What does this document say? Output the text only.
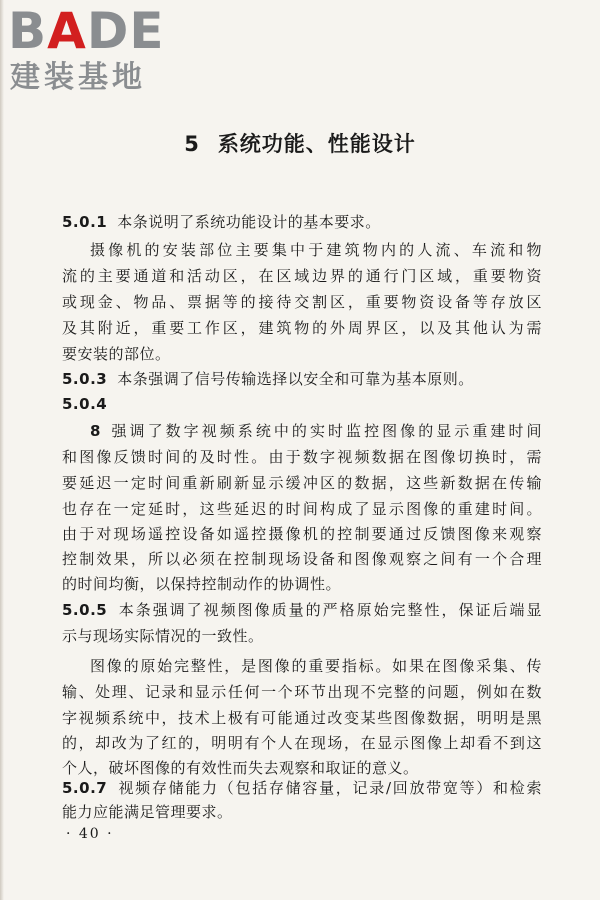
BADE
建装基地
5 系统功能、性能设计
5.0.1 本条说明了系统功能设计的基本要求。
摄像机的安装部位主要集中于建筑物内的人流、车流和物
流的主要通道和活动区，在区域边界的通行门区域，重要物资
或现金、物品、票据等的接待交割区，重要物资设备等存放区
及其附近，重要工作区，建筑物的外周界区，以及其他认为需
要安装的部位。
5.0.3 本条强调了信号传输选择以安全和可靠为基本原则。
5.0.4
8 强调了数字视频系统中的实时监控图像的显示重建时间
和图像反馈时间的及时性。由于数字视频数据在图像切换时，需
要延迟一定时间重新刷新显示缓冲区的数据，这些新数据在传输
也存在一定延时，这些延迟的时间构成了显示图像的重建时间。
由于对现场遥控设备如遥控摄像机的控制要通过反馈图像来观察
控制效果，所以必须在控制现场设备和图像观察之间有一个合理
的时间均衡，以保持控制动作的协调性。
5.0.5 本条强调了视频图像质量的严格原始完整性，保证后端显
示与现场实际情况的一致性。
图像的原始完整性，是图像的重要指标。如果在图像采集、传
输、处理、记录和显示任何一个环节出现不完整的问题，例如在数
字视频系统中，技术上极有可能通过改变某些图像数据，明明是黑
的，却改为了红的，明明有个人在现场，在显示图像上却看不到这
个人，破坏图像的有效性而失去观察和取证的意义。
5.0.7 视频存储能力（包括存储容量，记录/回放带宽等）和检索
能力应能满足管理要求。
· 40 ·
